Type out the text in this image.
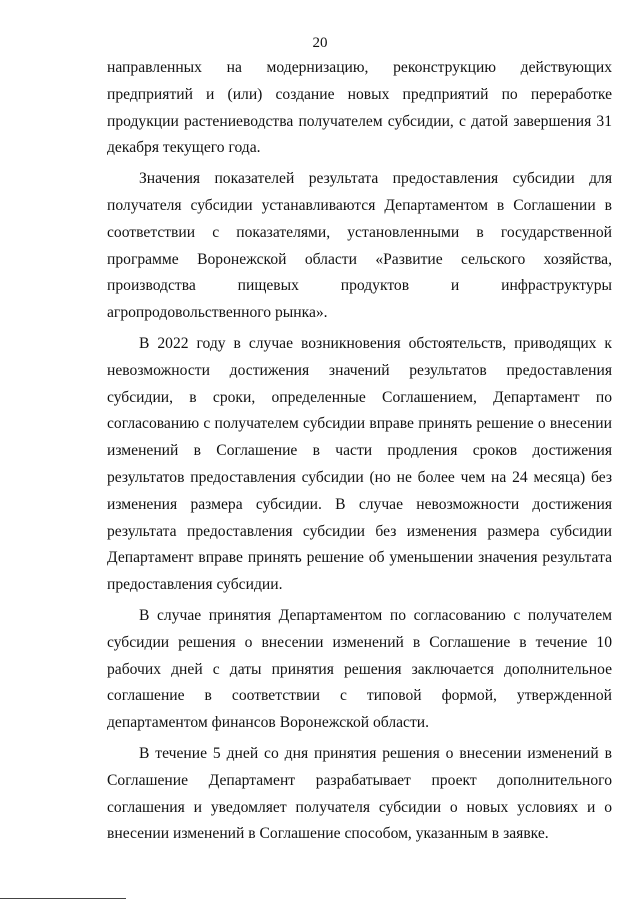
20

направленных на модернизацию, реконструкцию действующих предприятий и (или) создание новых предприятий по переработке продукции растениеводства получателем субсидии, с датой завершения 31 декабря текущего года.

Значения показателей результата предоставления субсидии для получателя субсидии устанавливаются Департаментом в Соглашении в соответствии с показателями, установленными в государственной программе Воронежской области «Развитие сельского хозяйства, производства пищевых продуктов и инфраструктуры агропродовольственного рынка».

В 2022 году в случае возникновения обстоятельств, приводящих к невозможности достижения значений результатов предоставления субсидии, в сроки, определенные Соглашением, Департамент по согласованию с получателем субсидии вправе принять решение о внесении изменений в Соглашение в части продления сроков достижения результатов предоставления субсидии (но не более чем на 24 месяца) без изменения размера субсидии. В случае невозможности достижения результата предоставления субсидии без изменения размера субсидии Департамент вправе принять решение об уменьшении значения результата предоставления субсидии.

В случае принятия Департаментом по согласованию с получателем субсидии решения о внесении изменений в Соглашение в течение 10 рабочих дней с даты принятия решения заключается дополнительное соглашение в соответствии с типовой формой, утвержденной департаментом финансов Воронежской области.

В течение 5 дней со дня принятия решения о внесении изменений в Соглашение Департамент разрабатывает проект дополнительного соглашения и уведомляет получателя субсидии о новых условиях и о внесении изменений в Соглашение способом, указанным в заявке.
